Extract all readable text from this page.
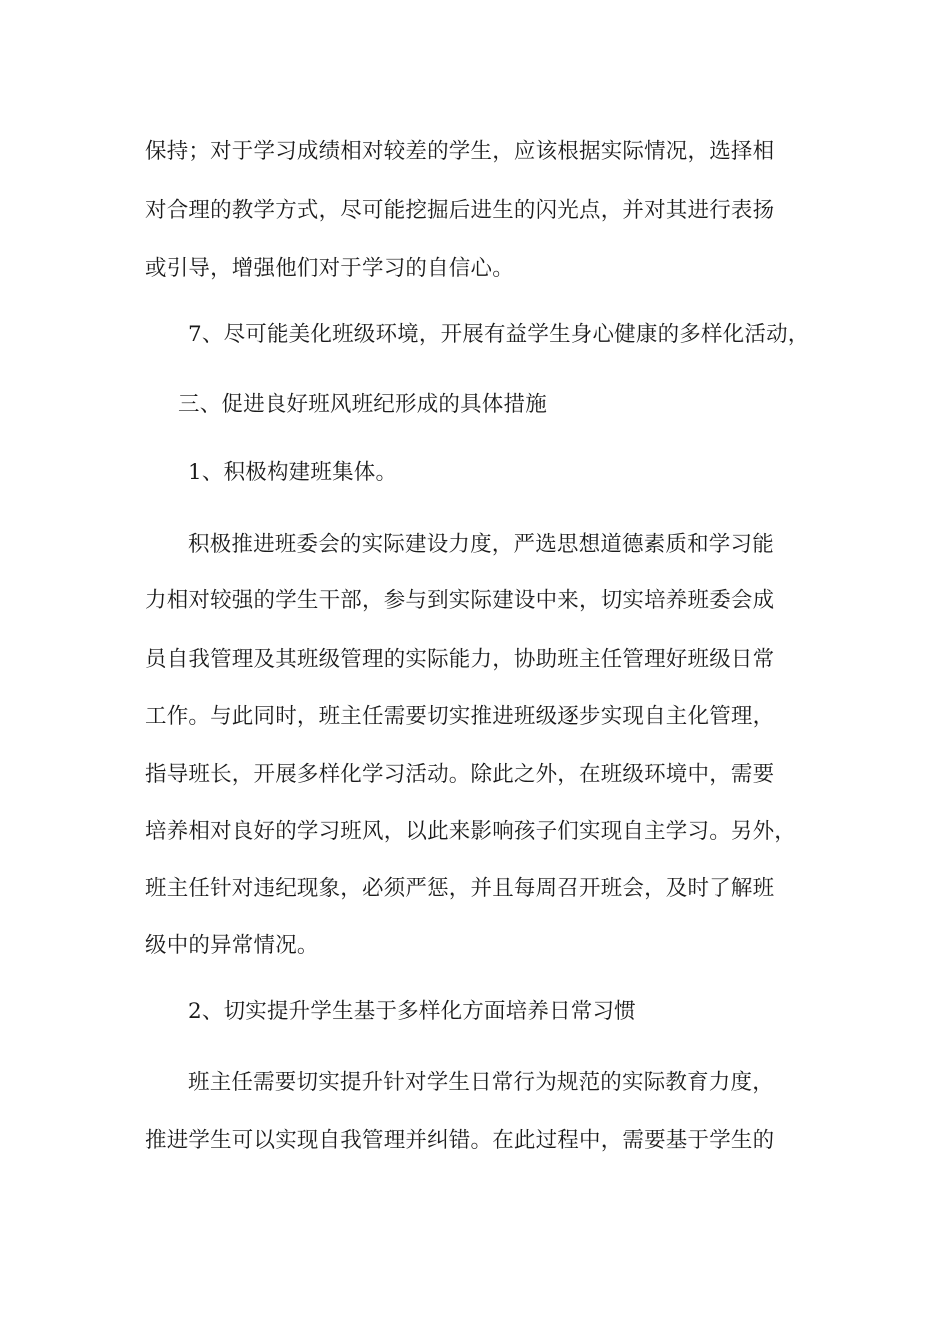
保持；对于学习成绩相对较差的学生，应该根据实际情况，选择相
对合理的教学方式，尽可能挖掘后进生的闪光点，并对其进行表扬
或引导，增强他们对于学习的自信心。
7、尽可能美化班级环境，开展有益学生身心健康的多样化活动，
三、促进良好班风班纪形成的具体措施
1、积极构建班集体。
积极推进班委会的实际建设力度，严选思想道德素质和学习能
力相对较强的学生干部，参与到实际建设中来，切实培养班委会成
员自我管理及其班级管理的实际能力，协助班主任管理好班级日常
工作。与此同时，班主任需要切实推进班级逐步实现自主化管理，
指导班长，开展多样化学习活动。除此之外，在班级环境中，需要
培养相对良好的学习班风，以此来影响孩子们实现自主学习。另外，
班主任针对违纪现象，必须严惩，并且每周召开班会，及时了解班
级中的异常情况。
2、切实提升学生基于多样化方面培养日常习惯
班主任需要切实提升针对学生日常行为规范的实际教育力度，
推进学生可以实现自我管理并纠错。在此过程中，需要基于学生的
